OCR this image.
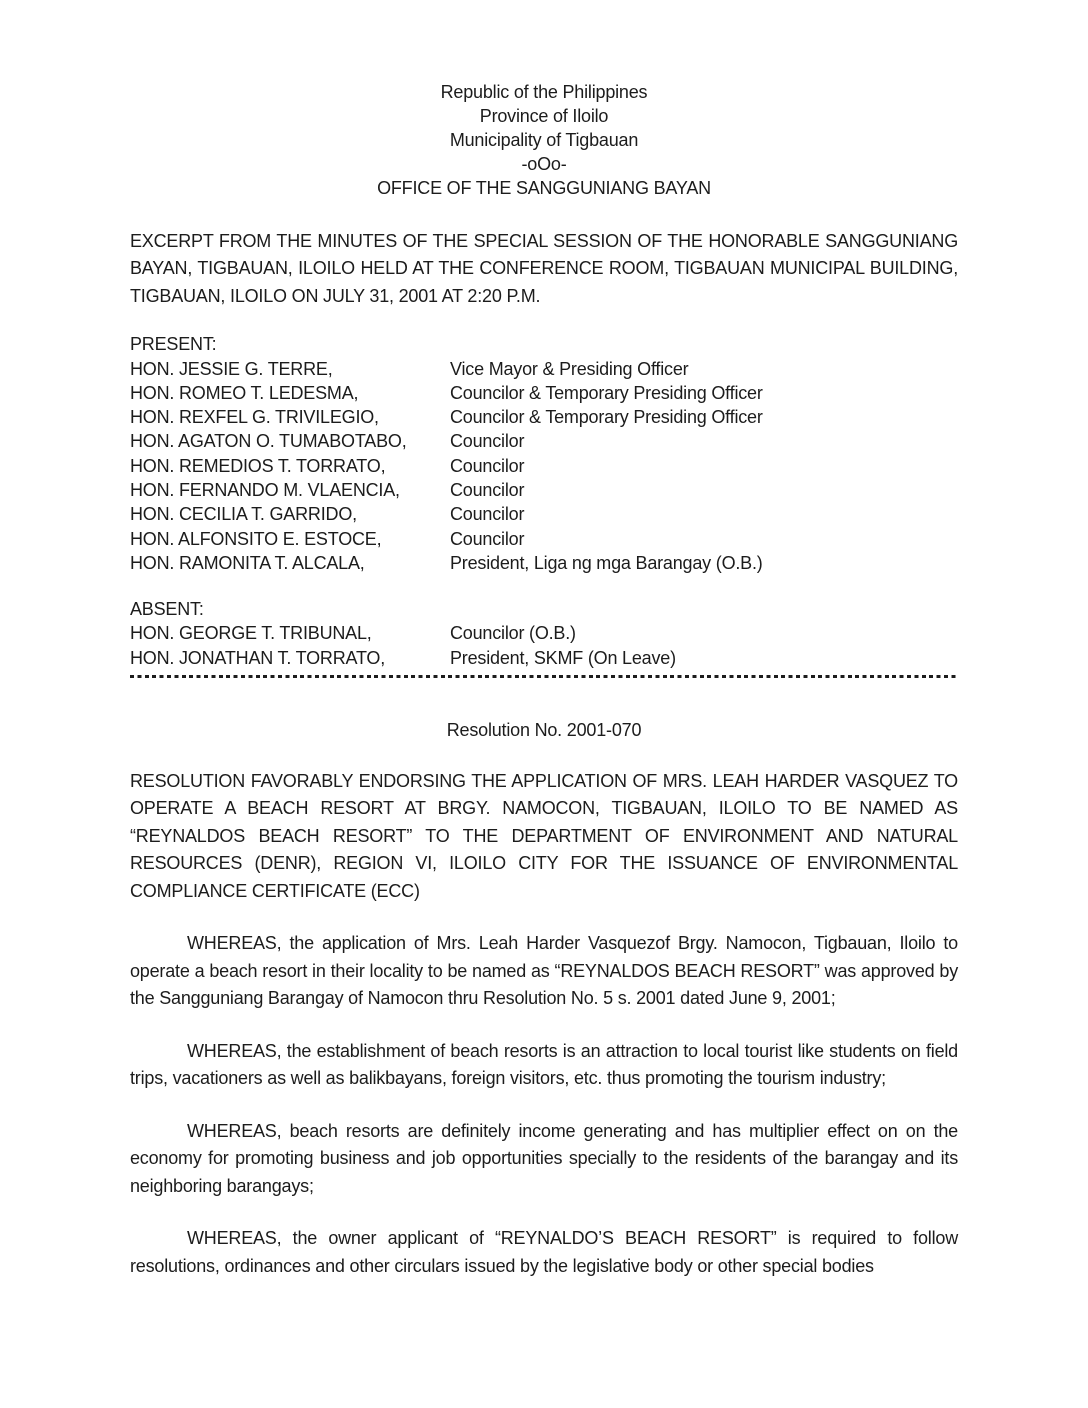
Republic of the Philippines
Province of Iloilo
Municipality of Tigbauan
-oOo-
OFFICE OF THE SANGGUNIANG BAYAN

EXCERPT FROM THE MINUTES OF THE SPECIAL SESSION OF THE HONORABLE SANGGUNIANG BAYAN, TIGBAUAN, ILOILO HELD AT THE CONFERENCE ROOM, TIGBAUAN MUNICIPAL BUILDING, TIGBAUAN, ILOILO ON JULY 31, 2001 AT 2:20 P.M.

PRESENT:
HON. JESSIE G. TERRE,	Vice Mayor & Presiding Officer
HON. ROMEO T. LEDESMA,	Councilor & Temporary Presiding Officer
HON. REXFEL G. TRIVILEGIO,	Councilor & Temporary Presiding Officer
HON. AGATON O. TUMABOTABO,	Councilor
HON. REMEDIOS T. TORRATO,	Councilor
HON. FERNANDO M. VLAENCIA,	Councilor
HON. CECILIA T. GARRIDO,	Councilor
HON. ALFONSITO E. ESTOCE,	Councilor
HON. RAMONITA T. ALCALA,	President, Liga ng mga Barangay (O.B.)
ABSENT:
HON. GEORGE T. TRIBUNAL,	Councilor (O.B.)
HON. JONATHAN T. TORRATO,	President, SKMF (On Leave)
Resolution No. 2001-070

RESOLUTION FAVORABLY ENDORSING THE APPLICATION OF MRS. LEAH HARDER VASQUEZ TO OPERATE A BEACH RESORT AT BRGY. NAMOCON, TIGBAUAN, ILOILO TO BE NAMED AS “REYNALDOS BEACH RESORT” TO THE DEPARTMENT OF ENVIRONMENT AND NATURAL RESOURCES (DENR), REGION VI, ILOILO CITY FOR THE ISSUANCE OF ENVIRONMENTAL COMPLIANCE CERTIFICATE (ECC)

WHEREAS, the application of Mrs. Leah Harder Vasquezof Brgy. Namocon, Tigbauan, Iloilo to operate a beach resort in their locality to be named as “REYNALDOS BEACH RESORT” was approved by the Sangguniang Barangay of Namocon thru Resolution No. 5 s. 2001 dated June 9, 2001;

WHEREAS, the establishment of beach resorts is an attraction to local tourist like students on field trips, vacationers as well as balikbayans, foreign visitors, etc. thus promoting the tourism industry;

WHEREAS, beach resorts are definitely income generating and has multiplier effect on on the economy for promoting business and job opportunities specially to the residents of the barangay and its neighboring barangays;

WHEREAS, the owner applicant of “REYNALDO’S BEACH RESORT” is required to follow resolutions, ordinances and other circulars issued by the legislative body or other special bodies
